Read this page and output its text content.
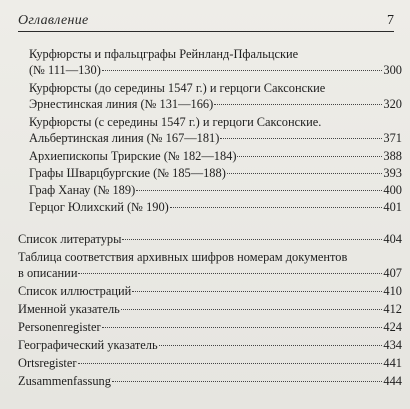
Оглавление	7
Курфюрсты и пфальцграфы Рейнланд-Пфальцские
(№ 111—130)	300
Курфюрсты (до середины 1547 г.) и герцоги Саксонские
Эрнестинская линия (№ 131—166)	320
Курфюрсты (с середины 1547 г.) и герцоги Саксонские.
Альбертинская линия (№ 167—181)	371
Архиепископы Трирские (№ 182—184)	388
Графы Шварцбургские (№ 185—188)	393
Граф Ханау (№ 189)	400
Герцог Юлихский (№ 190)	401
Список литературы	404
Таблица соответствия архивных шифров номерам документов
в описании	407
Список иллюстраций	410
Именной указатель	412
Personenregister	424
Географический указатель	434
Ortsregister	441
Zusammenfassung	444
